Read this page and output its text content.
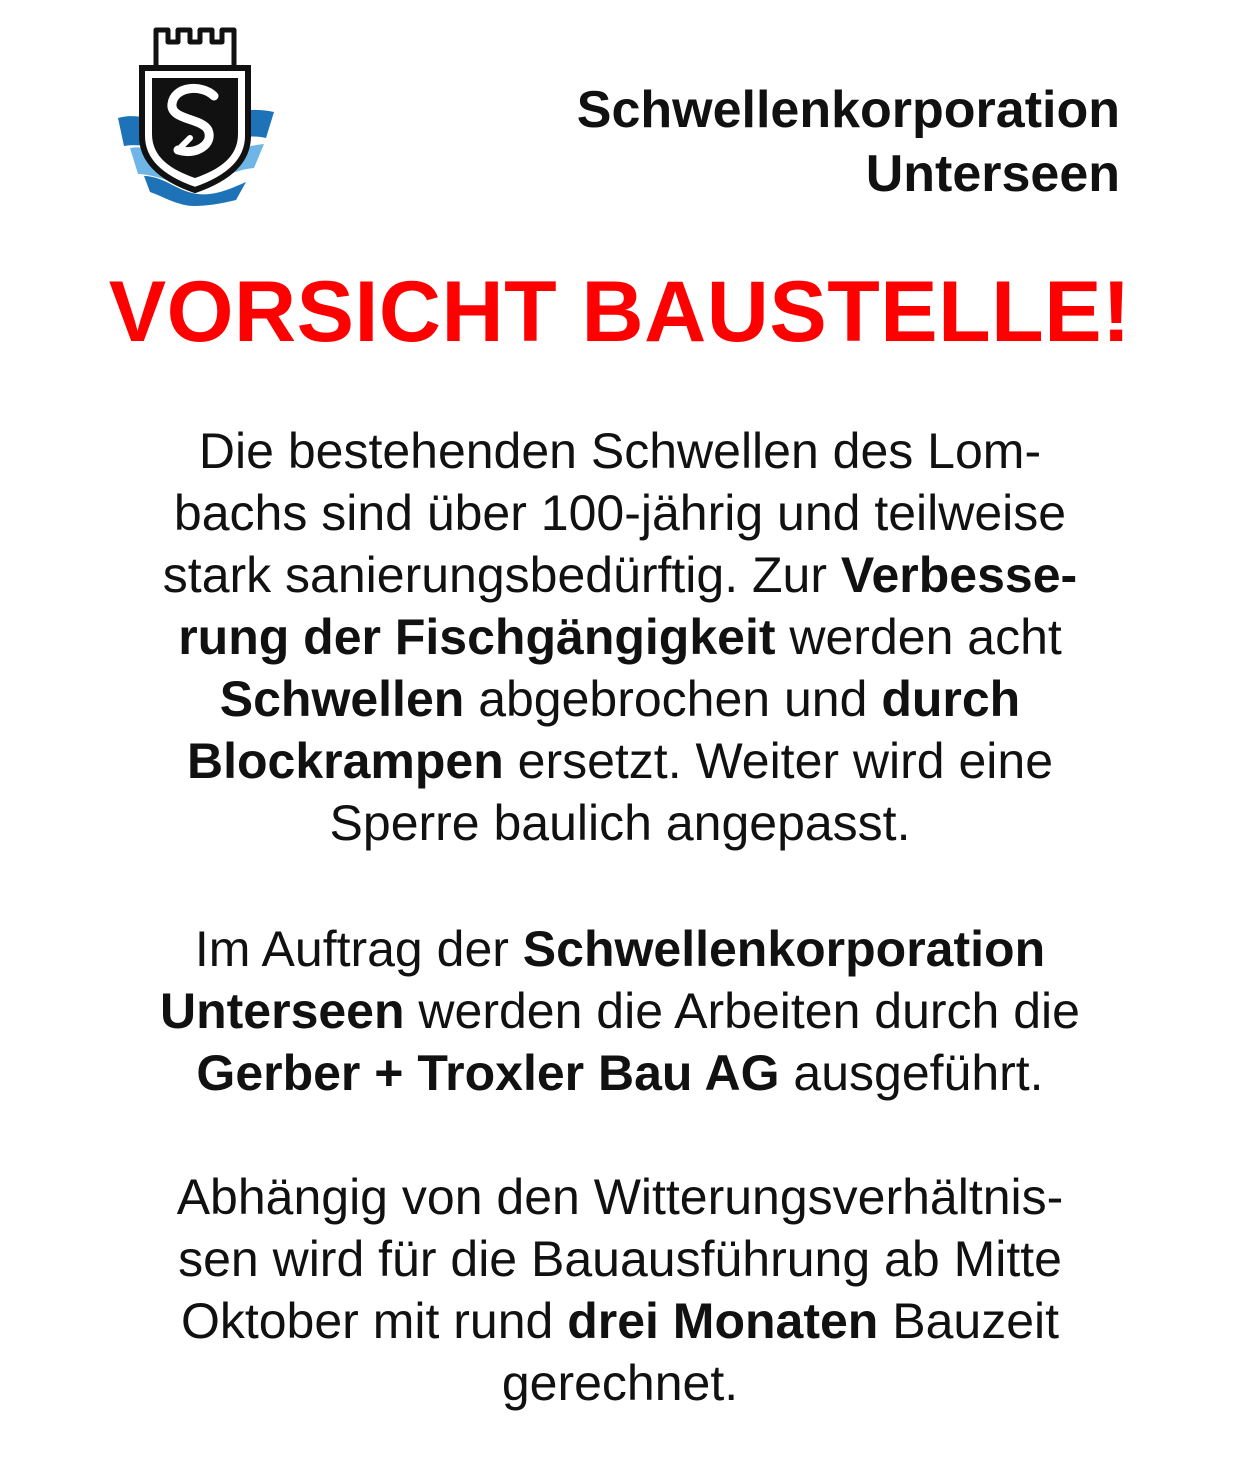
Schwellenkorporation
Unterseen
VORSICHT BAUSTELLE!
Die bestehenden Schwellen des Lom-
bachs sind über 100-jährig und teilweise
stark sanierungsbedürftig. Zur Verbesse-
rung der Fischgängigkeit werden acht
Schwellen abgebrochen und durch
Blockrampen ersetzt. Weiter wird eine
Sperre baulich angepasst.
Im Auftrag der Schwellenkorporation
Unterseen werden die Arbeiten durch die
Gerber + Troxler Bau AG ausgeführt.
Abhängig von den Witterungsverhältnis-
sen wird für die Bauausführung ab Mitte
Oktober mit rund drei Monaten Bauzeit
gerechnet.
